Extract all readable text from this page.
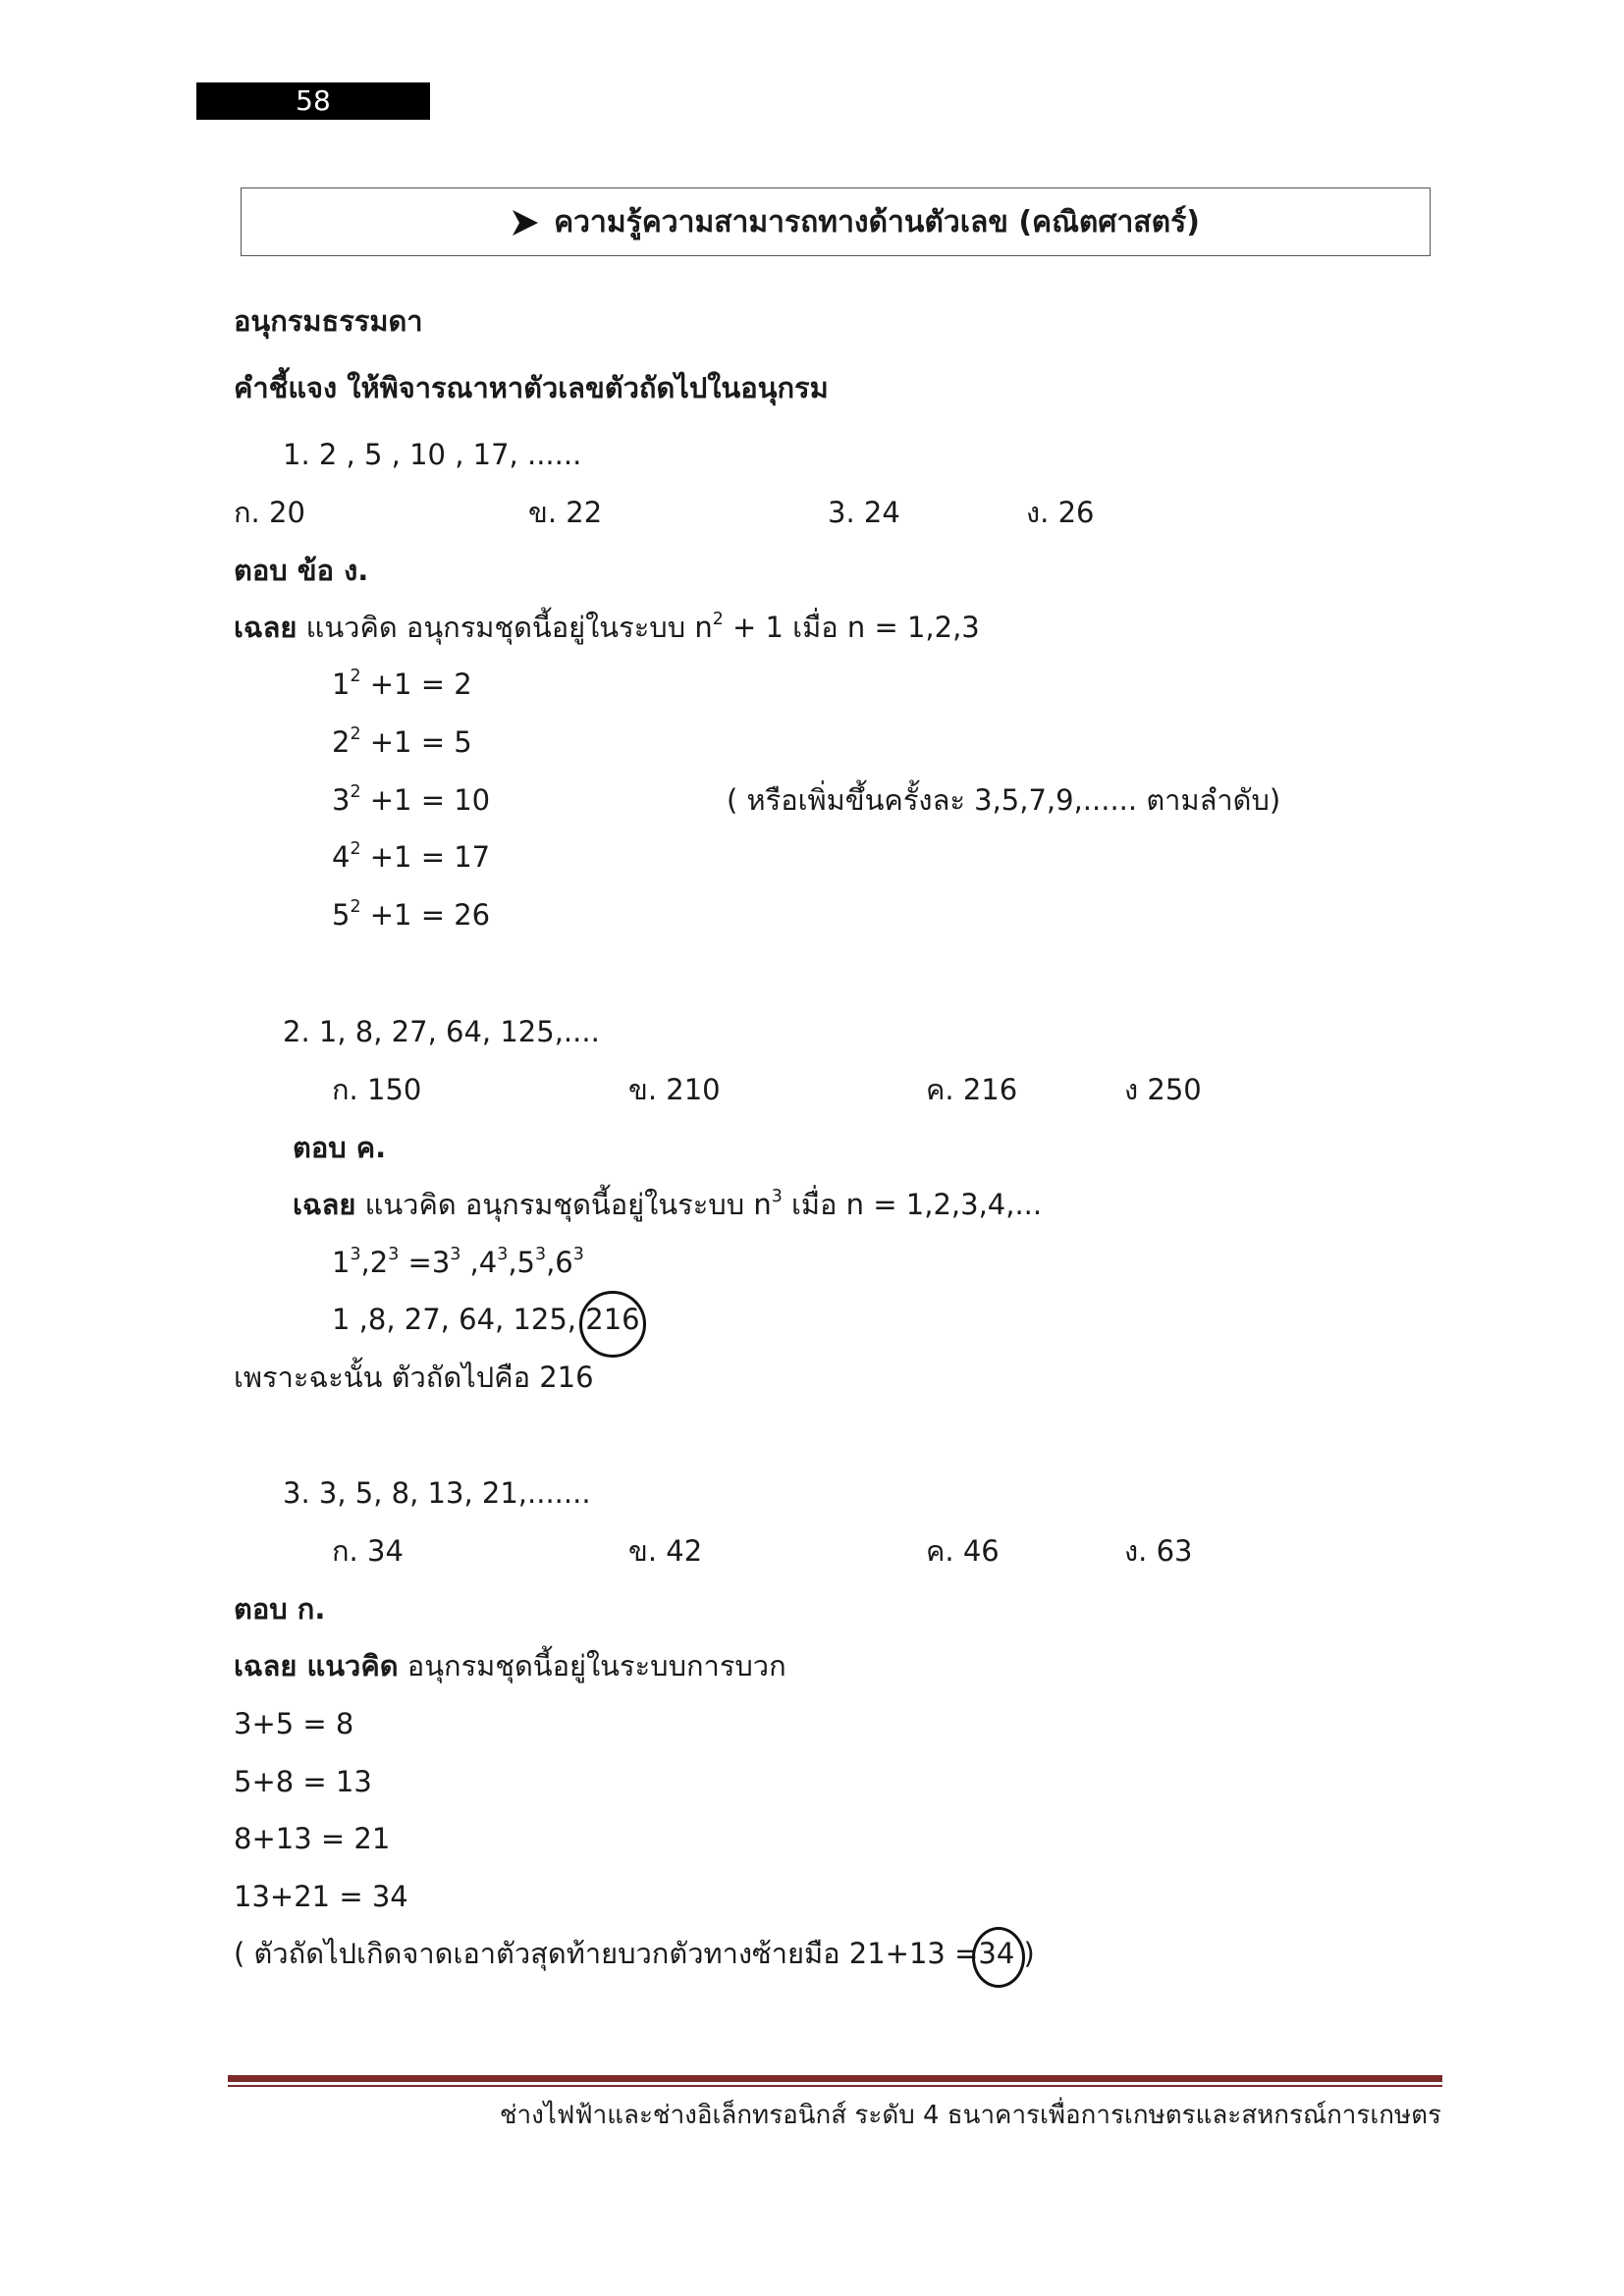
58
ความรู้ความสามารถทางด้านตัวเลข (คณิตศาสตร์)
อนุกรมธรรมดา
คำชี้แจง ให้พิจารณาหาตัวเลขตัวถัดไปในอนุกรม
1. 2 , 5 , 10 , 17, ......
ก. 20	ข. 22	3. 24	ง. 26
ตอบ ข้อ ง.
เฉลย แนวคิด อนุกรมชุดนี้อยู่ในระบบ $n^2 + 1$ เมื่อ n = 1,2,3
$1^2 +1 = 2$
$2^2 +1 = 5$
$3^2 +1 = 10$	( หรือเพิ่มขึ้นครั้งละ 3,5,7,9,...... ตามลำดับ)
$4^2 +1 = 17$
$5^2 +1 = 26$
2. 1, 8, 27, 64, 125,....
ก. 150	ข. 210	ค. 216	ง 250
ตอบ ค.
เฉลย แนวคิด อนุกรมชุดนี้อยู่ในระบบ $n^3$ เมื่อ n = 1,2,3,4,...
$1^3,2^3 =3^3$ $,4^3,5^3,6^3$
1 ,8, 27, 64, 125, 216
เพราะฉะนั้น ตัวถัดไปคือ 216
3. 3, 5, 8, 13, 21,.......
ก. 34	ข. 42	ค. 46	ง. 63
ตอบ ก.
เฉลย แนวคิด อนุกรมชุดนี้อยู่ในระบบการบวก
3+5 = 8
5+8 = 13
8+13 = 21
13+21 = 34
( ตัวถัดไปเกิดจาดเอาตัวสุดท้ายบวกตัวทางซ้ายมือ 21+13 =34
)
ช่างไฟฟ้าและช่างอิเล็กทรอนิกส์ ระดับ 4 ธนาคารเพื่อการเกษตรและสหกรณ์การเกษตร
